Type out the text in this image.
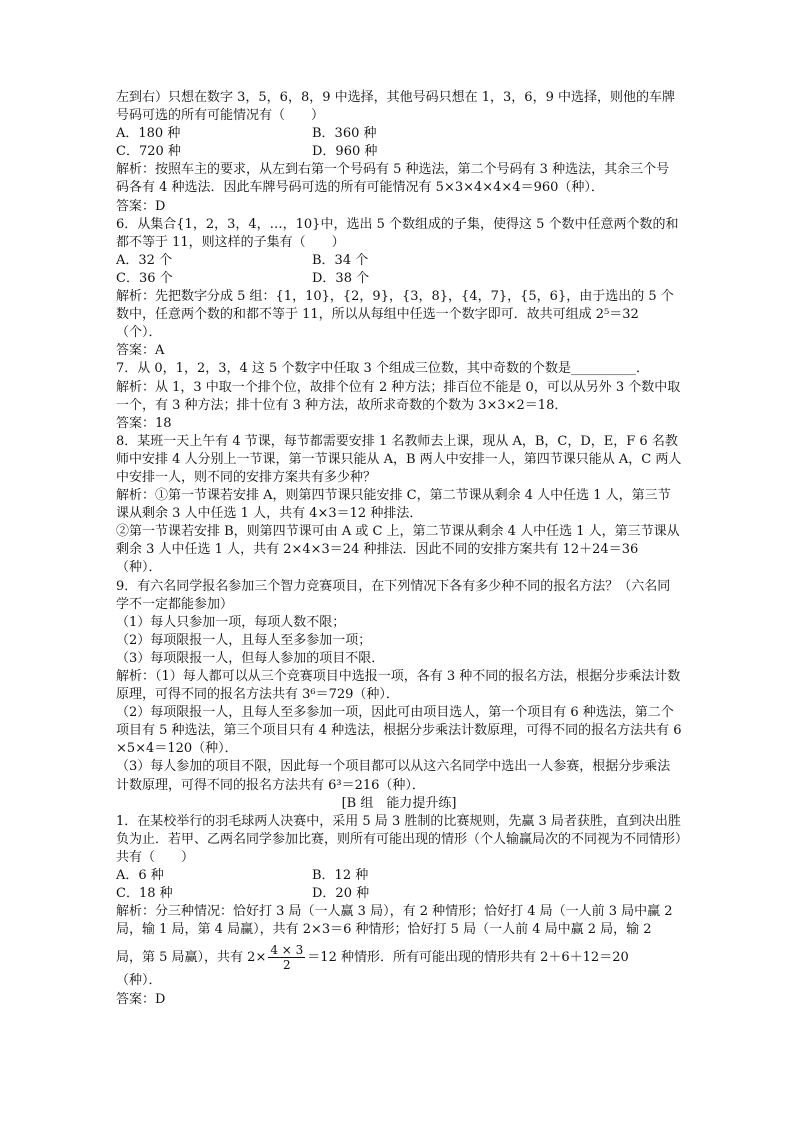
左到右）只想在数字 3，5，6，8，9 中选择，其他号码只想在 1，3，6，9 中选择，则他的车牌号码可选的所有可能情况有（　　）

A．180 种	B．360 种
C．720 种	D．960 种

解析：按照车主的要求，从左到右第一个号码有 5 种选法，第二个号码有 3 种选法，其余三个号码各有 4 种选法．因此车牌号码可选的所有可能情况有 5×3×4×4×4＝960（种）．

答案：D

6．从集合{1，2，3，4，…，10}中，选出 5 个数组成的子集，使得这 5 个数中任意两个数的和都不等于 11，则这样的子集有（　　）

A．32 个	B．34 个
C．36 个	D．38 个

解析：先把数字分成 5 组：{1，10}，{2，9}，{3，8}，{4，7}，{5，6}，由于选出的 5 个数中，任意两个数的和都不等于 11，所以从每组中任选一个数字即可．故共可组成 2⁵＝32（个）．

答案：A

7．从 0，1，2，3，4 这 5 个数字中任取 3 个组成三位数，其中奇数的个数是__________．

解析：从 1，3 中取一个排个位，故排个位有 2 种方法；排百位不能是 0，可以从另外 3 个数中取一个，有 3 种方法；排十位有 3 种方法，故所求奇数的个数为 3×3×2＝18．

答案：18

8．某班一天上午有 4 节课，每节都需要安排 1 名教师去上课，现从 A，B，C，D，E，F 6 名教师中安排 4 人分别上一节课，第一节课只能从 A，B 两人中安排一人，第四节课只能从 A，C 两人中安排一人，则不同的安排方案共有多少种？

解析：①第一节课若安排 A，则第四节课只能安排 C，第二节课从剩余 4 人中任选 1 人，第三节课从剩余 3 人中任选 1 人，共有 4×3＝12 种排法．

②第一节课若安排 B，则第四节课可由 A 或 C 上，第二节课从剩余 4 人中任选 1 人，第三节课从剩余 3 人中任选 1 人，共有 2×4×3＝24 种排法．因此不同的安排方案共有 12＋24＝36（种）．

9．有六名同学报名参加三个智力竞赛项目，在下列情况下各有多少种不同的报名方法？（六名同学不一定都能参加）

（1）每人只参加一项，每项人数不限；

（2）每项限报一人，且每人至多参加一项；

（3）每项限报一人，但每人参加的项目不限．

解析：（1）每人都可以从三个竞赛项目中选报一项，各有 3 种不同的报名方法，根据分步乘法计数原理，可得不同的报名方法共有 3⁶＝729（种）．

（2）每项限报一人，且每人至多参加一项，因此可由项目选人，第一个项目有 6 种选法，第二个项目有 5 种选法，第三个项目只有 4 种选法，根据分步乘法计数原理，可得不同的报名方法共有 6×5×4＝120（种）．

（3）每人参加的项目不限，因此每一个项目都可以从这六名同学中选出一人参赛，根据分步乘法计数原理，可得不同的报名方法共有 6³＝216（种）．

[B 组　能力提升练]

1．在某校举行的羽毛球两人决赛中，采用 5 局 3 胜制的比赛规则，先赢 3 局者获胜，直到决出胜负为止．若甲、乙两名同学参加比赛，则所有可能出现的情形（个人输赢局次的不同视为不同情形）共有（　　）

A．6 种	B．12 种
C．18 种	D．20 种

解析：分三种情况：恰好打 3 局（一人赢 3 局），有 2 种情形；恰好打 4 局（一人前 3 局中赢 2 局，输 1 局，第 4 局赢），共有 2×3＝6 种情形；恰好打 5 局（一人前 4 局中赢 2 局，输 2

局，第 5 局赢），共有 $2\times \frac{4 \times 3}{2} =12$ 种情形．所有可能出现的情形共有 2＋6＋12＝20

（种）．

答案：D
